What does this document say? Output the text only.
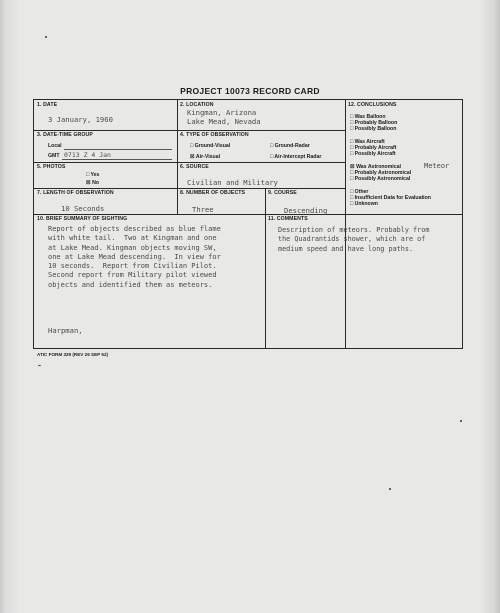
PROJECT 10073 RECORD CARD
1. DATE
3 January, 1960
2. LOCATION
Kingman, Arizona
Lake Mead, Nevada
3. DATE-TIME GROUP
Local
GMT 0713 Z 4 Jan
4. TYPE OF OBSERVATION
□ Ground-Visual	□ Ground-Radar
☒ Air-Visual	□ Air-Intercept Radar
5. PHOTOS
□ Yes
☒ No
6. SOURCE
Civilian and Military
7. LENGTH OF OBSERVATION
10 Seconds
8. NUMBER OF OBJECTS
Three
9. COURSE
Descending
10. BRIEF SUMMARY OF SIGHTING
Report of objects described as blue flame
with white tail.  Two at Kingman and one
at Lake Mead. Kingman objects moving SW,
one at Lake Mead descending.  In view for
10 seconds.  Report from Civilian Pilot.
Second report from Military pilot viewed
objects and identified them as meteors.
Harpman,
11. COMMENTS
Description of meteors. Probably from
the Quadrantids shower, which are of
medium speed and have long paths.
12. CONCLUSIONS
□ Was Balloon
□ Probably Balloon
□ Possibly Balloon
□ Was Aircraft
□ Probably Aircraft
□ Possibly Aircraft
☒ Was Astronomical	Meteor
□ Probably Astronomical
□ Possibly Astronomical
□ Other
□ Insufficient Data for Evaluation
□ Unknown
ATIC FORM 329 (REV 26 SEP 52)
